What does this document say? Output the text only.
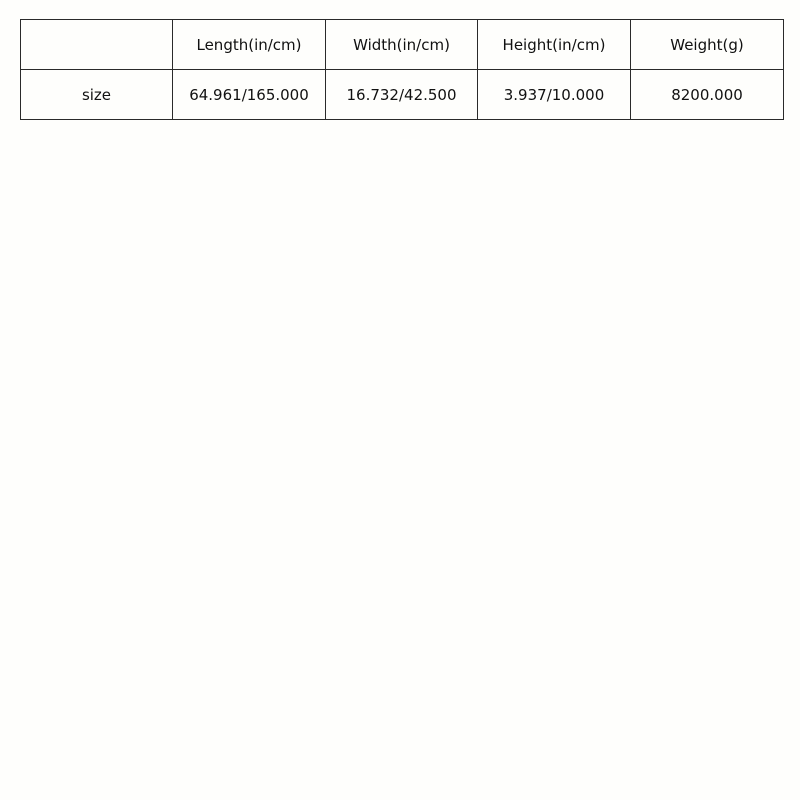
	Length(in/cm)	Width(in/cm)	Height(in/cm)	Weight(g)
size	64.961/165.000	16.732/42.500	3.937/10.000	8200.000
